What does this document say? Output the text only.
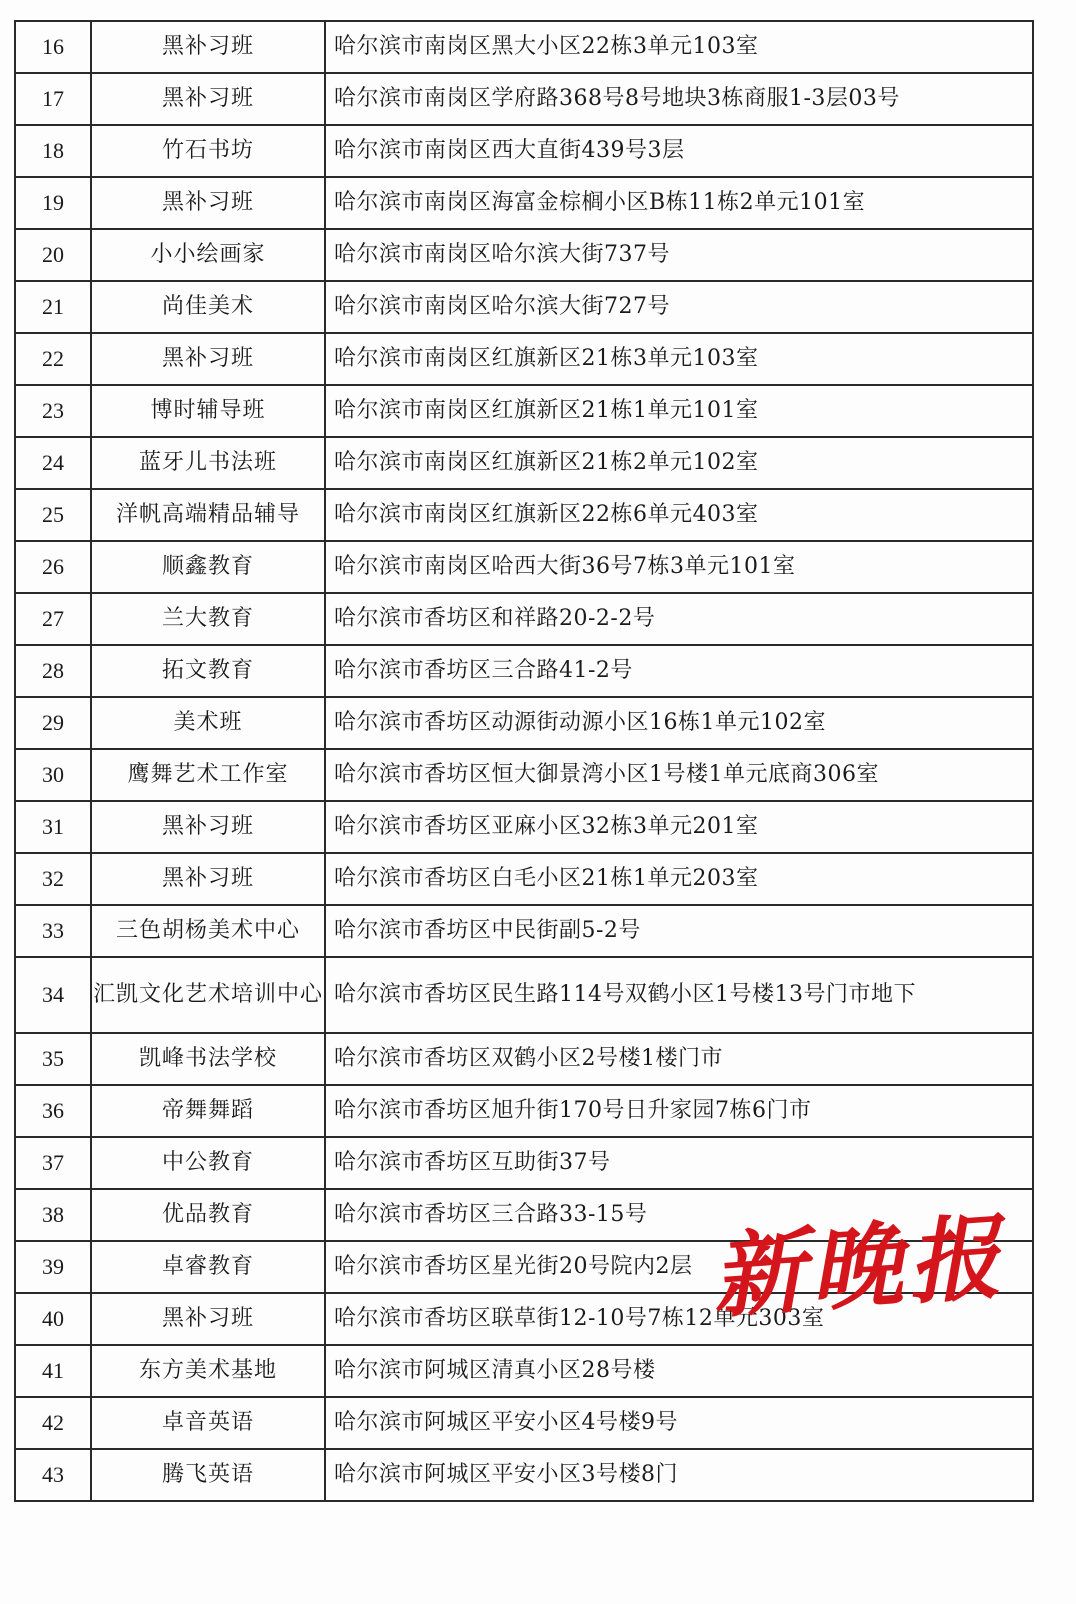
16	黑补习班	哈尔滨市南岗区黑大小区22栋3单元103室
17	黑补习班	哈尔滨市南岗区学府路368号8号地块3栋商服1-3层03号
18	竹石书坊	哈尔滨市南岗区西大直街439号3层
19	黑补习班	哈尔滨市南岗区海富金棕榈小区B栋11栋2单元101室
20	小小绘画家	哈尔滨市南岗区哈尔滨大街737号
21	尚佳美术	哈尔滨市南岗区哈尔滨大街727号
22	黑补习班	哈尔滨市南岗区红旗新区21栋3单元103室
23	博时辅导班	哈尔滨市南岗区红旗新区21栋1单元101室
24	蓝牙儿书法班	哈尔滨市南岗区红旗新区21栋2单元102室
25	洋帆高端精品辅导	哈尔滨市南岗区红旗新区22栋6单元403室
26	顺鑫教育	哈尔滨市南岗区哈西大街36号7栋3单元101室
27	兰大教育	哈尔滨市香坊区和祥路20-2-2号
28	拓文教育	哈尔滨市香坊区三合路41-2号
29	美术班	哈尔滨市香坊区动源街动源小区16栋1单元102室
30	鹰舞艺术工作室	哈尔滨市香坊区恒大御景湾小区1号楼1单元底商306室
31	黑补习班	哈尔滨市香坊区亚麻小区32栋3单元201室
32	黑补习班	哈尔滨市香坊区白毛小区21栋1单元203室
33	三色胡杨美术中心	哈尔滨市香坊区中民街副5-2号
34	汇凯文化艺术培训中心	哈尔滨市香坊区民生路114号双鹤小区1号楼13号门市地下
35	凯峰书法学校	哈尔滨市香坊区双鹤小区2号楼1楼门市
36	帝舞舞蹈	哈尔滨市香坊区旭升街170号日升家园7栋6门市
37	中公教育	哈尔滨市香坊区互助街37号
38	优品教育	哈尔滨市香坊区三合路33-15号
39	卓睿教育	哈尔滨市香坊区星光街20号院内2层
40	黑补习班	哈尔滨市香坊区联草街12-10号7栋12单元303室
41	东方美术基地	哈尔滨市阿城区清真小区28号楼
42	卓音英语	哈尔滨市阿城区平安小区4号楼9号
43	腾飞英语	哈尔滨市阿城区平安小区3号楼8门
新晚报
